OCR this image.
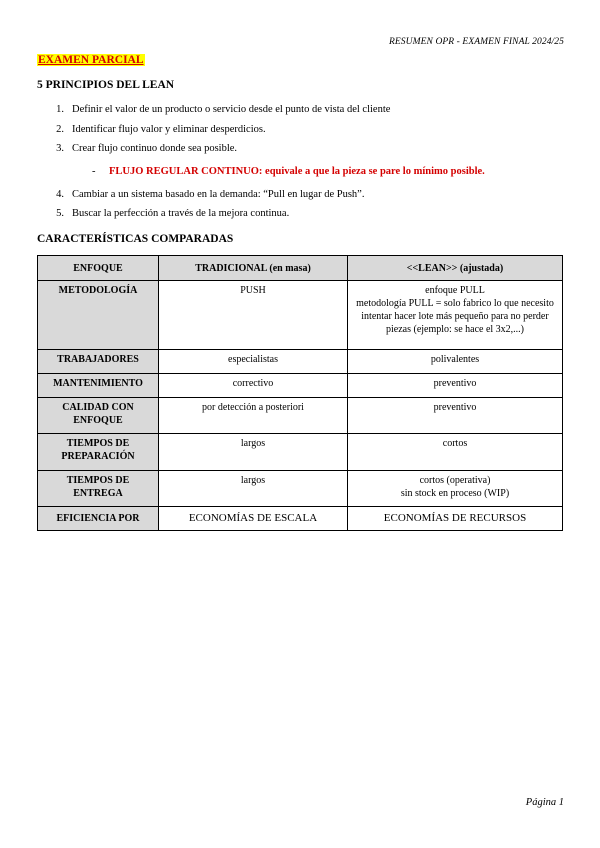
RESUMEN OPR - EXAMEN FINAL 2024/25
EXAMEN PARCIAL
5 PRINCIPIOS DEL LEAN
1. Definir el valor de un producto o servicio desde el punto de vista del cliente
2. Identificar flujo valor y eliminar desperdicios.
3. Crear flujo continuo donde sea posible.
-	FLUJO REGULAR CONTINUO: equivale a que la pieza se pare lo mínimo posible.
4. Cambiar a un sistema basado en la demanda: “Pull en lugar de Push”.
5. Buscar la perfección a través de la mejora continua.
CARACTERÍSTICAS COMPARADAS
ENFOQUE	TRADICIONAL (en masa)	<<LEAN>> (ajustada)
METODOLOGÍA	PUSH	enfoque PULL
metodología PULL = solo fabrico lo que necesito
intentar hacer lote más pequeño para no perder piezas (ejemplo: se hace el 3x2,...)

TRABAJADORES	especialistas	polivalentes

MANTENIMIENTO	correctivo	preventivo

CALIDAD CON ENFOQUE	por detección a posteriori	preventivo

TIEMPOS DE PREPARACIÓN	largos	cortos

TIEMPOS DE ENTREGA	largos	cortos (operativa)
sin stock en proceso (WIP)

EFICIENCIA POR	ECONOMÍAS DE ESCALA	ECONOMÍAS DE RECURSOS
Página 1
